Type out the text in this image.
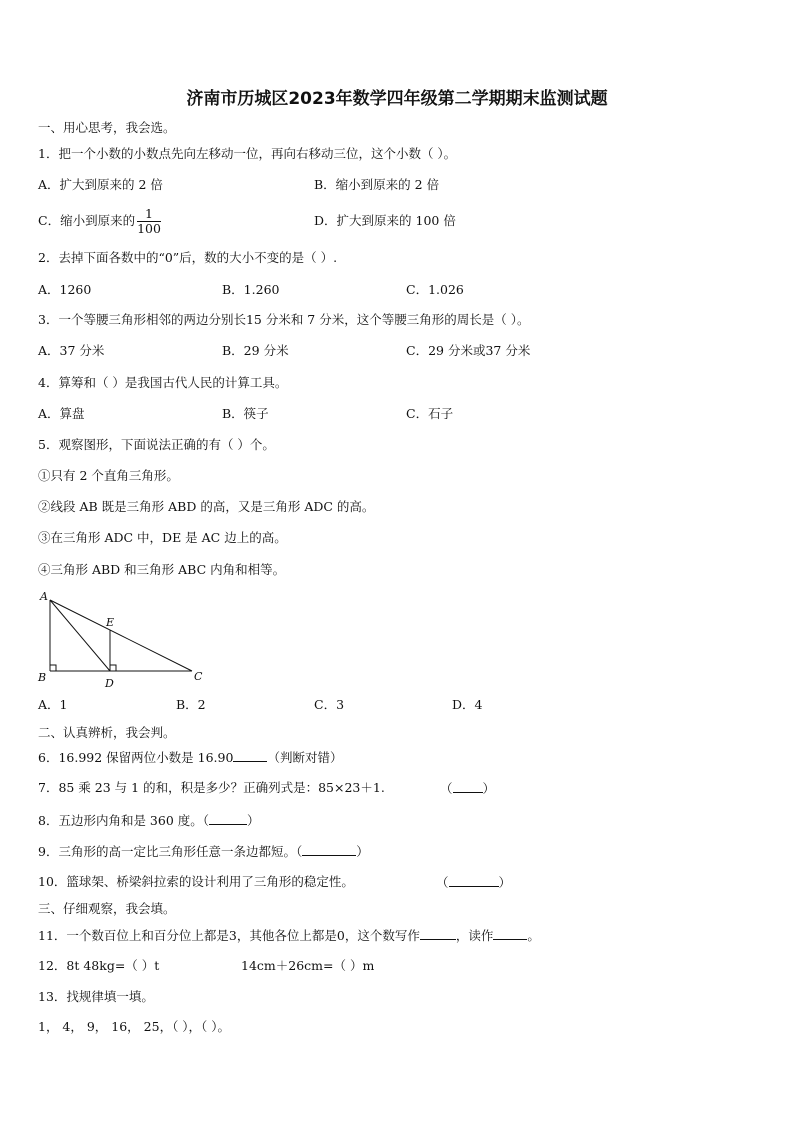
济南市历城区2023年数学四年级第二学期期末监测试题
一、用心思考，我会选。
1．把一个小数的小数点先向左移动一位，再向右移动三位，这个小数（ ）。
A．扩大到原来的 2 倍	B．缩小到原来的 2 倍
C．缩小到原来的 $\frac{1}{100}$	D．扩大到原来的 100 倍
2．去掉下面各数中的“0”后，数的大小不变的是（ ）.
A．1260	B．1.260	C．1.026
3．一个等腰三角形相邻的两边分别长15 分米和 7 分米，这个等腰三角形的周长是（ ）。
A．37 分米	B．29 分米	C．29 分米或37 分米
4．算筹和（ ）是我国古代人民的计算工具。
A．算盘	B．筷子	C．石子
5．观察图形，下面说法正确的有（ ）个。
①只有 2 个直角三角形。
②线段 AB 既是三角形 ABD 的高，又是三角形 ADC 的高。
③在三角形 ADC 中，DE 是 AC 边上的高。
④三角形 ABD 和三角形 ABC 内角和相等。
A
B	C
D
E
A．1	B．2	C．3	D．4
二、认真辨析，我会判。
6．16.992 保留两位小数是 16.90	（判断对错）
7．85 乘 23 与 1 的和，积是多少？正确列式是：85×23＋1.	（ ）
8．五边形内角和是 360 度。（	）
9．三角形的高一定比三角形任意一条边都短。（	）
10．篮球架、桥梁斜拉索的设计利用了三角形的稳定性。	（	）
三、仔细观察，我会填。
11．一个数百位上和百分位上都是3，其他各位上都是0，这个数写作	，读作	。
12．8t 48kg=（ ）t	14cm＋26cm=（ ）m
13．找规律填一填。
1， 4， 9， 16， 25，（ ），（ ）。
